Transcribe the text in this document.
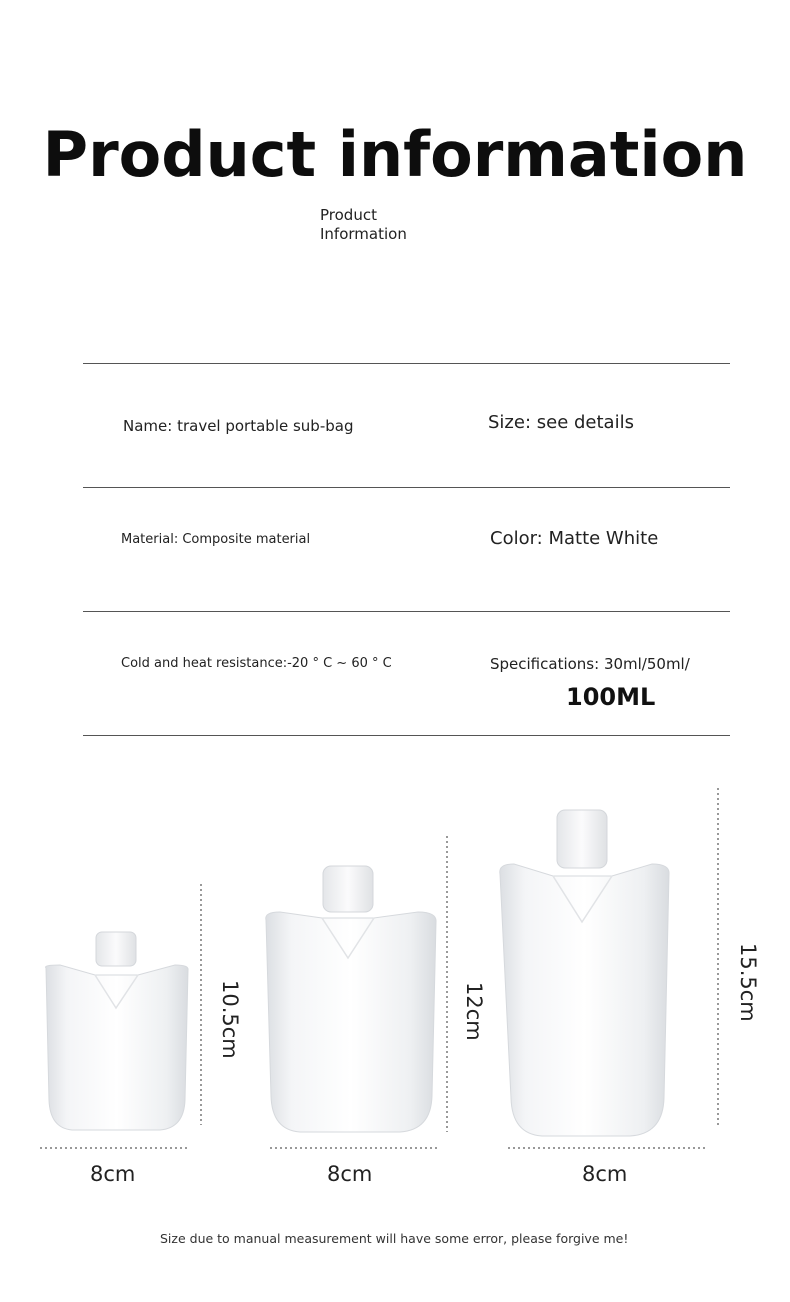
Product information
Product
Information
Name: travel portable sub-bag	Size: see details
Material: Composite material	Color: Matte White
Cold and heat resistance:-20 ° C ~ 60 ° C	Specifications: 30ml/50ml/
100ML
8cm
10.5cm
8cm
12cm
8cm
15.5cm
Size due to manual measurement will have some error, please forgive me!
